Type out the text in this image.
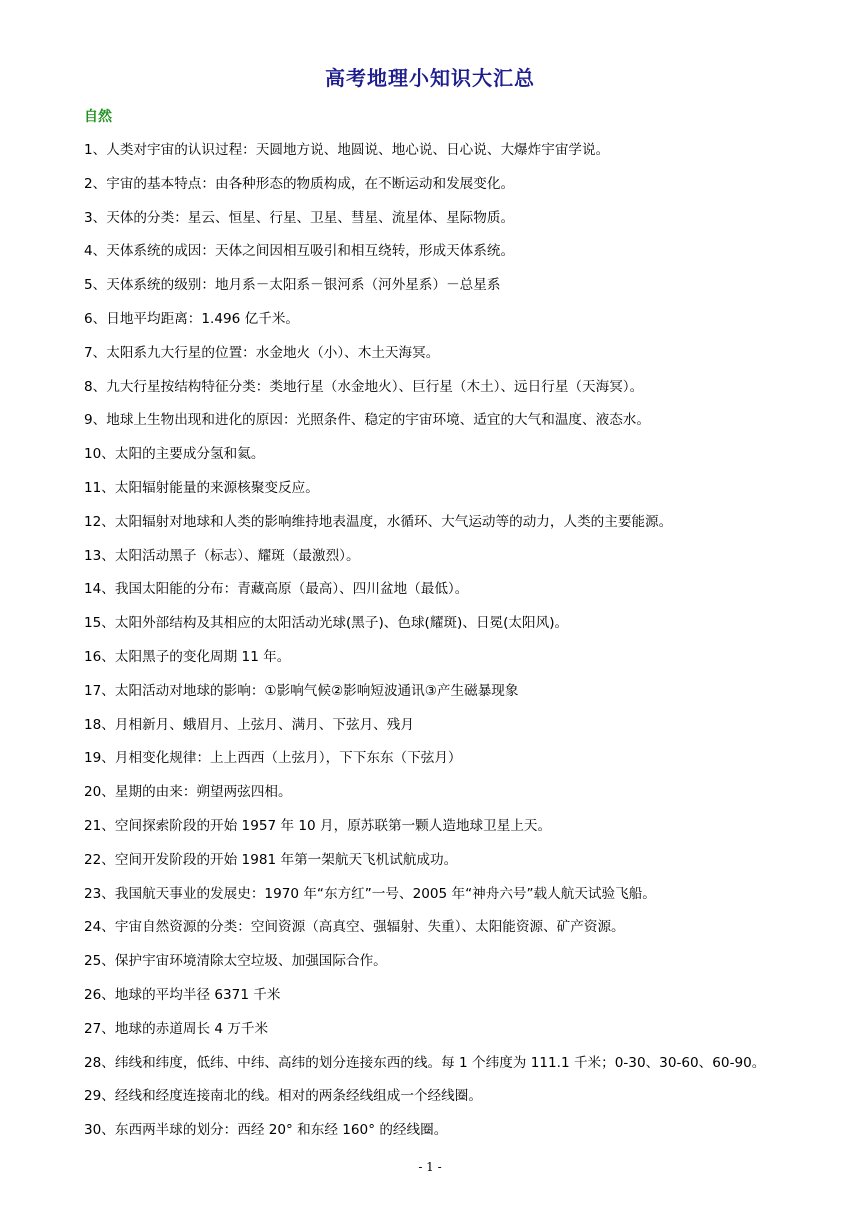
高考地理小知识大汇总
自然
1、人类对宇宙的认识过程：天圆地方说、地圆说、地心说、日心说、大爆炸宇宙学说。
2、宇宙的基本特点：由各种形态的物质构成，在不断运动和发展变化。
3、天体的分类：星云、恒星、行星、卫星、彗星、流星体、星际物质。
4、天体系统的成因：天体之间因相互吸引和相互绕转，形成天体系统。
5、天体系统的级别：地月系－太阳系－银河系（河外星系）－总星系
6、日地平均距离：1.496 亿千米。
7、太阳系九大行星的位置：水金地火（小）、木土天海冥。
8、九大行星按结构特征分类：类地行星（水金地火）、巨行星（木土）、远日行星（天海冥）。
9、地球上生物出现和进化的原因：光照条件、稳定的宇宙环境、适宜的大气和温度、液态水。
10、太阳的主要成分氢和氦。
11、太阳辐射能量的来源核聚变反应。
12、太阳辐射对地球和人类的影响维持地表温度，水循环、大气运动等的动力，人类的主要能源。
13、太阳活动黑子（标志）、耀斑（最激烈）。
14、我国太阳能的分布：青藏高原（最高）、四川盆地（最低）。
15、太阳外部结构及其相应的太阳活动光球(黑子)、色球(耀斑)、日冕(太阳风)。
16、太阳黑子的变化周期 11 年。
17、太阳活动对地球的影响：①影响气候②影响短波通讯③产生磁暴现象
18、月相新月、蛾眉月、上弦月、满月、下弦月、残月
19、月相变化规律：上上西西（上弦月），下下东东（下弦月）
20、星期的由来：朔望两弦四相。
21、空间探索阶段的开始 1957 年 10 月，原苏联第一颗人造地球卫星上天。
22、空间开发阶段的开始 1981 年第一架航天飞机试航成功。
23、我国航天事业的发展史：1970 年“东方红”一号、2005 年“神舟六号”载人航天试验飞船。
24、宇宙自然资源的分类：空间资源（高真空、强辐射、失重）、太阳能资源、矿产资源。
25、保护宇宙环境清除太空垃圾、加强国际合作。
26、地球的平均半径 6371 千米
27、地球的赤道周长 4 万千米
28、纬线和纬度，低纬、中纬、高纬的划分连接东西的线。每 1 个纬度为 111.1 千米；0-30、30-60、60-90。
29、经线和经度连接南北的线。相对的两条经线组成一个经线圈。
30、东西两半球的划分：西经 20° 和东经 160° 的经线圈。
- 1 -
